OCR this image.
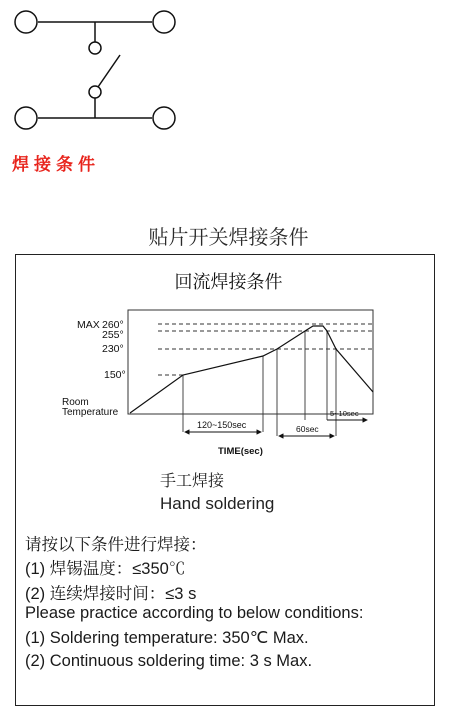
焊接条件
贴片开关焊接条件
回流焊接条件
MAX 260°
255°
230°
150°
Room
Temperature
120~150sec	60sec
5~10sec
TIME(sec)
手工焊接
Hand soldering
请按以下条件进行焊接：
(1) 焊锡温度：≤350℃
(2) 连续焊接时间：≤3 s
Please practice according to below conditions:
(1) Soldering temperature: 350℃ Max.
(2) Continuous soldering time: 3 s Max.
